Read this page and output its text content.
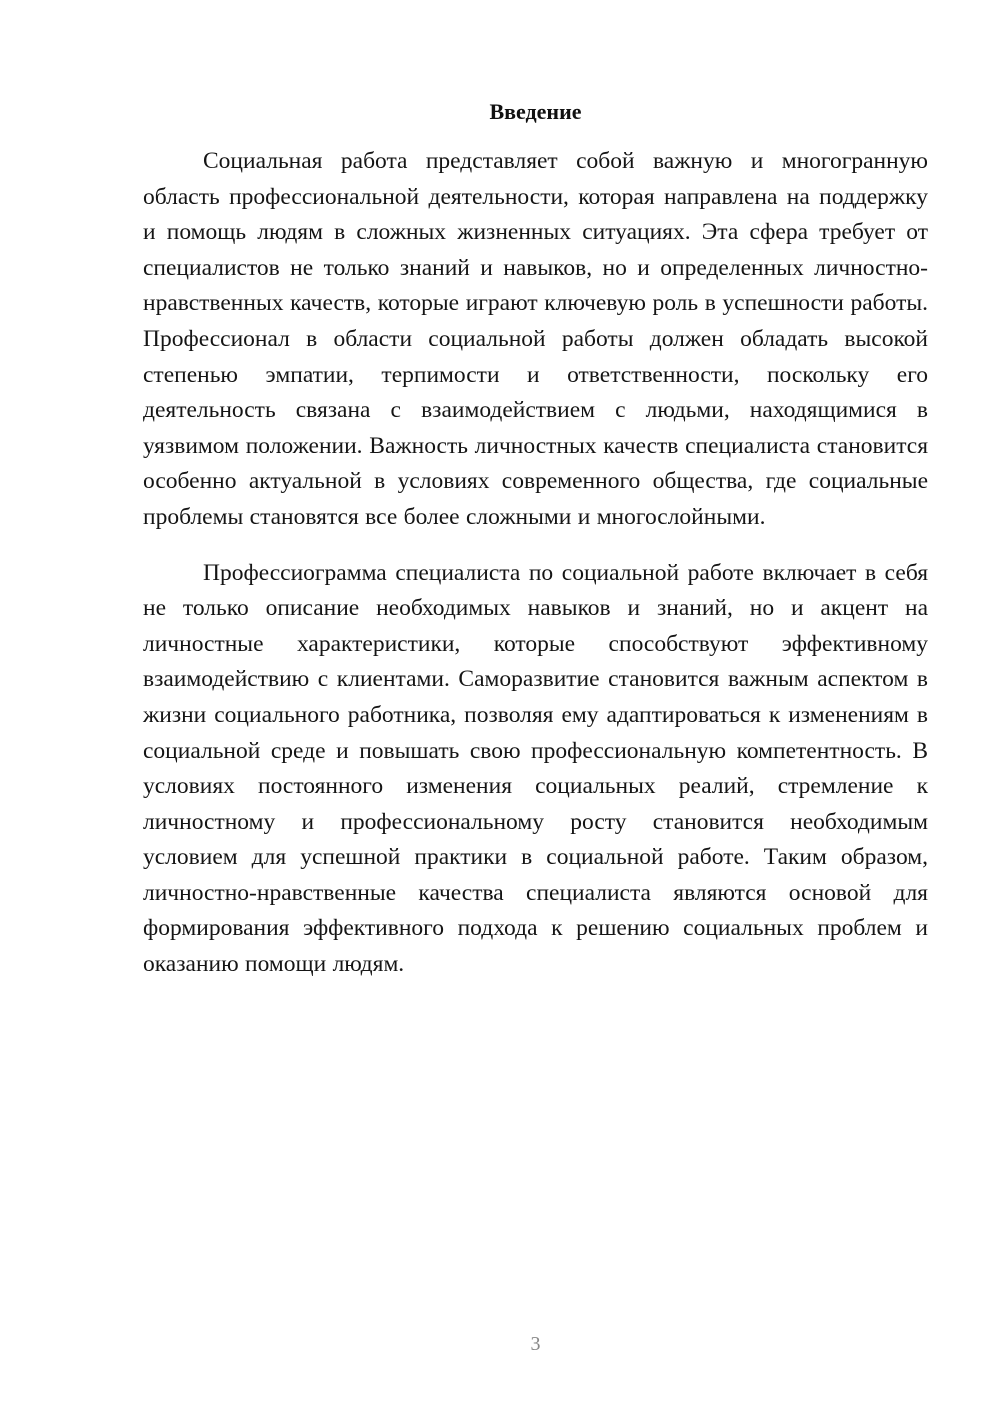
Введение

Социальная работа представляет собой важную и многогранную область профессиональной деятельности, которая направлена на поддержку и помощь людям в сложных жизненных ситуациях. Эта сфера требует от специалистов не только знаний и навыков, но и определенных личностно-нравственных качеств, которые играют ключевую роль в успешности работы. Профессионал в области социальной работы должен обладать высокой степенью эмпатии, терпимости и ответственности, поскольку его деятельность связана с взаимодействием с людьми, находящимися в уязвимом положении. Важность личностных качеств специалиста становится особенно актуальной в условиях современного общества, где социальные проблемы становятся все более сложными и многослойными.

Профессиограмма специалиста по социальной работе включает в себя не только описание необходимых навыков и знаний, но и акцент на личностные характеристики, которые способствуют эффективному взаимодействию с клиентами. Саморазвитие становится важным аспектом в жизни социального работника, позволяя ему адаптироваться к изменениям в социальной среде и повышать свою профессиональную компетентность. В условиях постоянного изменения социальных реалий, стремление к личностному и профессиональному росту становится необходимым условием для успешной практики в социальной работе. Таким образом, личностно-нравственные качества специалиста являются основой для формирования эффективного подхода к решению социальных проблем и оказанию помощи людям.

3
